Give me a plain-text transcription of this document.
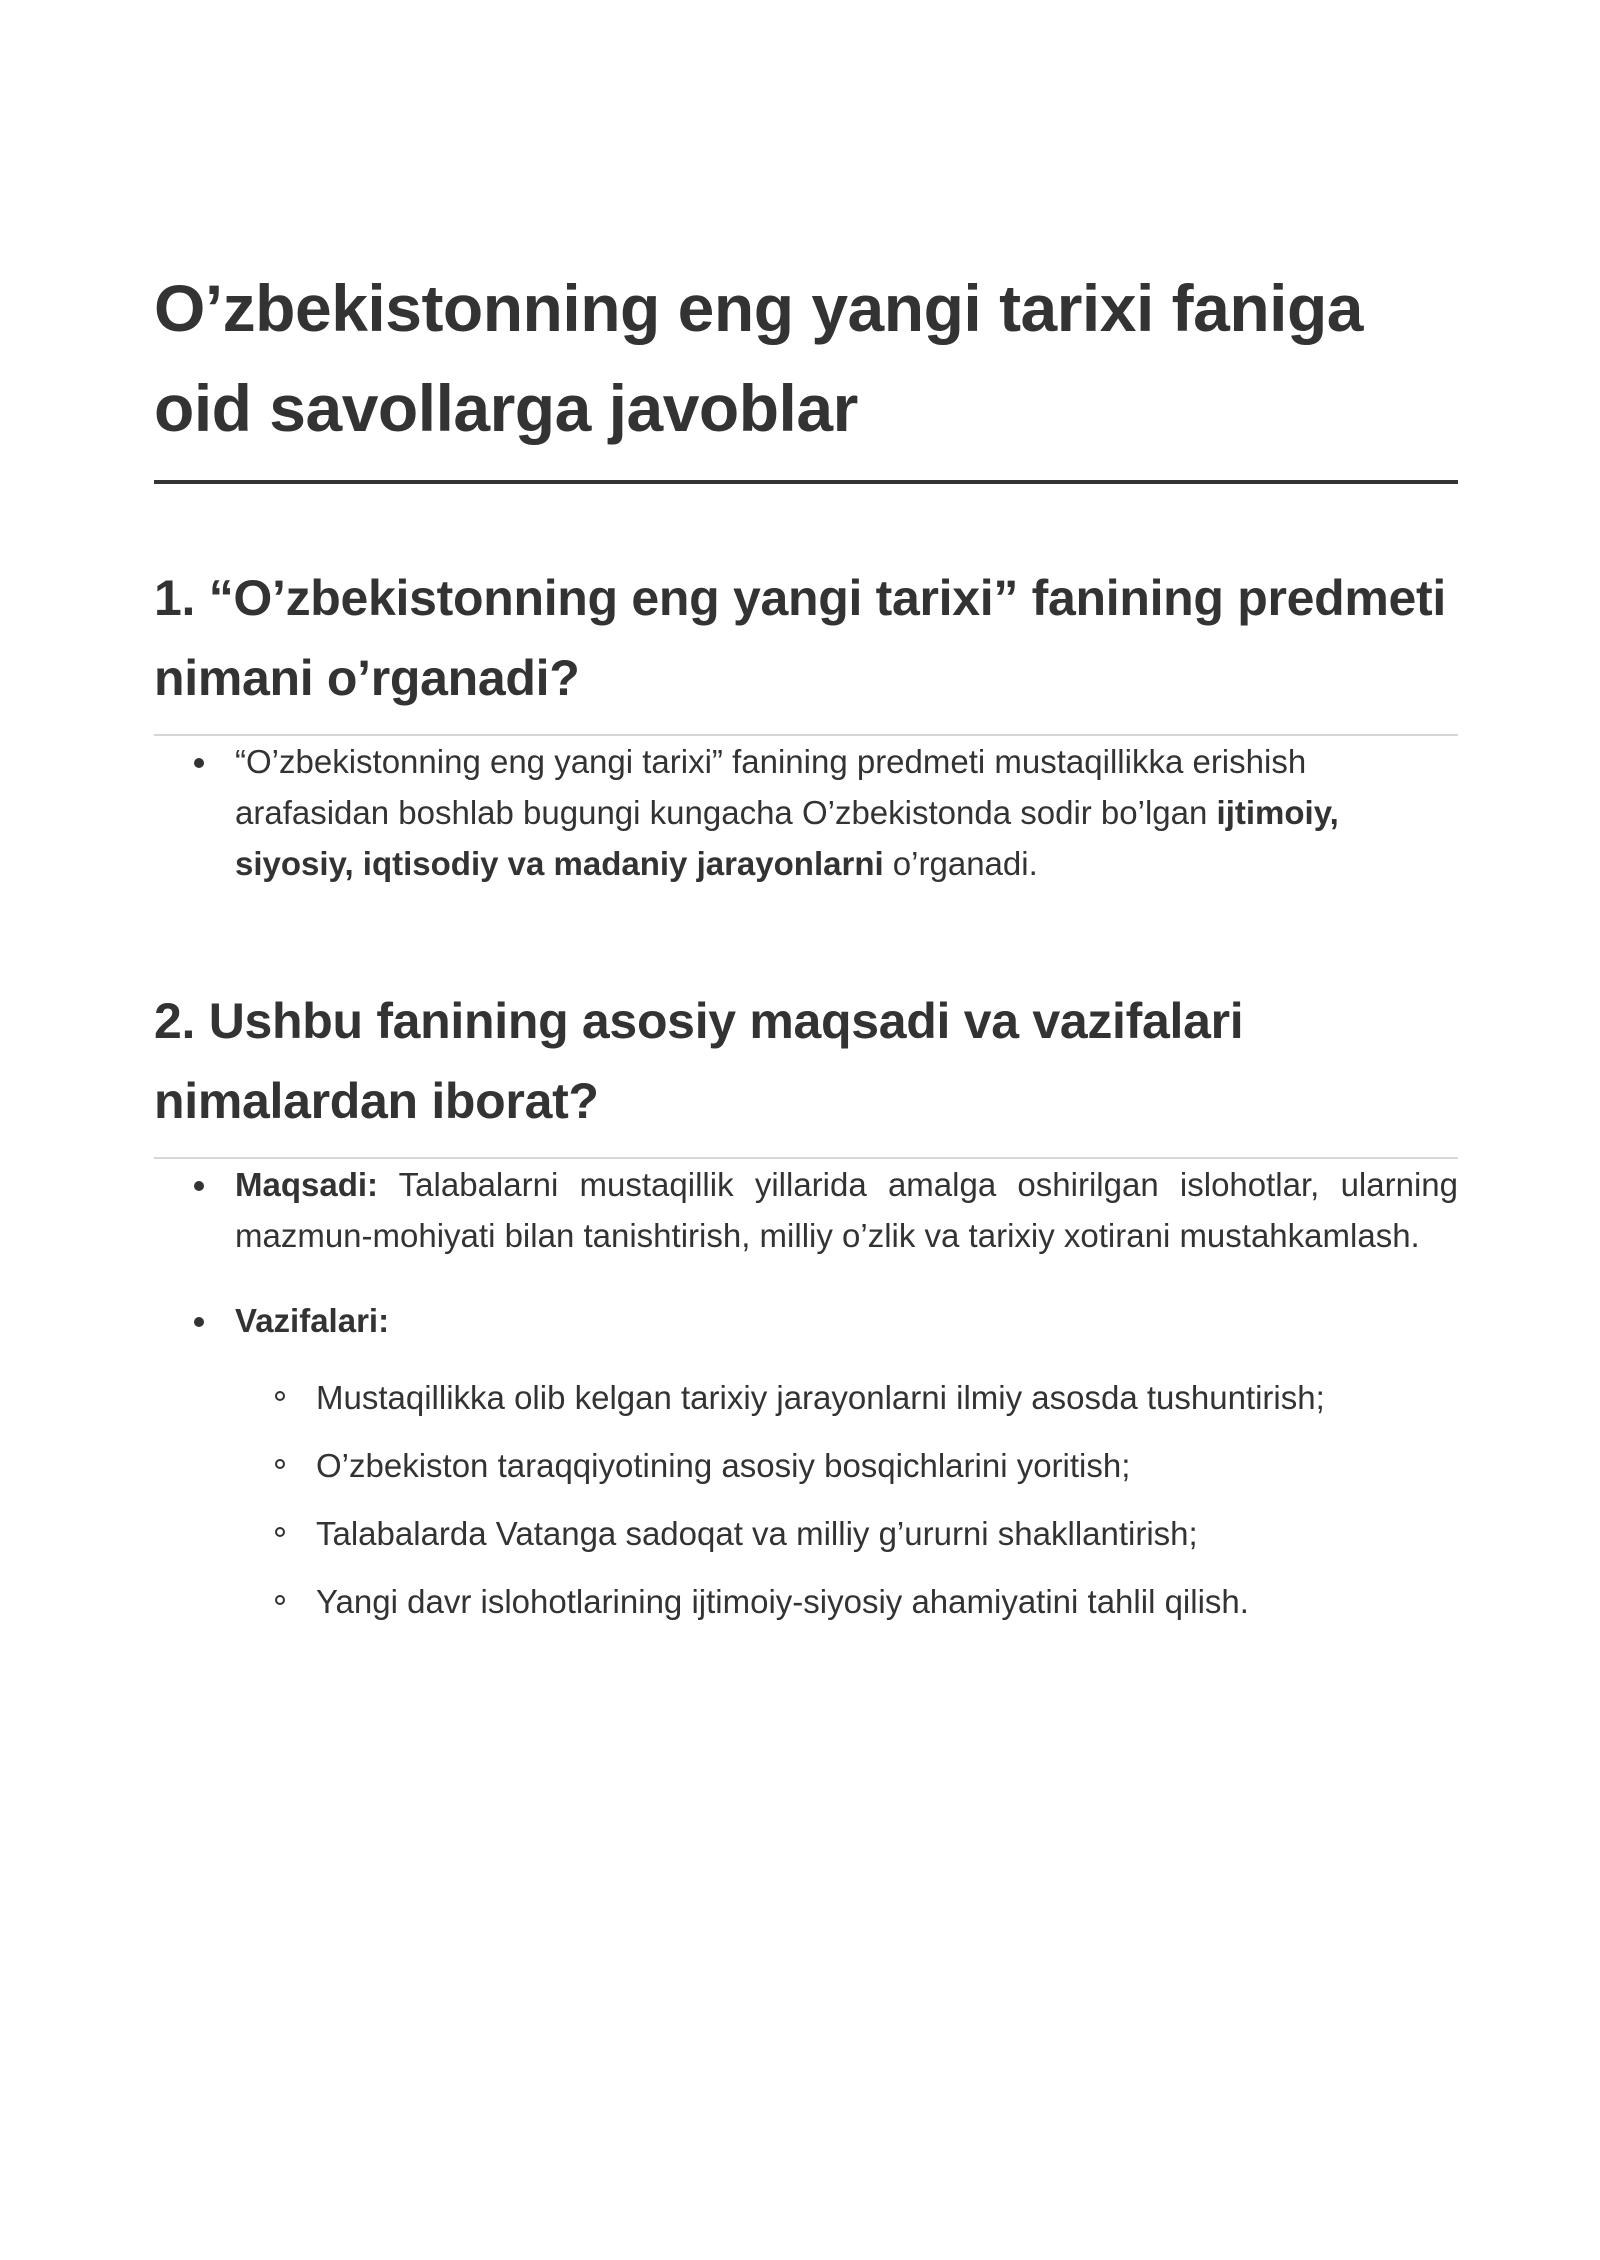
O’zbekistonning eng yangi tarixi faniga oid savollarga javoblar
1. “O’zbekistonning eng yangi tarixi” fanining predmeti nimani o’rganadi?
“O’zbekistonning eng yangi tarixi” fanining predmeti mustaqillikka erishish arafasidan boshlab bugungi kungacha O’zbekistonda sodir bo’lgan ijtimoiy, siyosiy, iqtisodiy va madaniy jarayonlarni o’rganadi.
2. Ushbu fanining asosiy maqsadi va vazifalari nimalardan iborat?
Maqsadi: Talabalarni mustaqillik yillarida amalga oshirilgan islohotlar, ularning mazmun-mohiyati bilan tanishtirish, milliy o’zlik va tarixiy xotirani mustahkamlash.
Vazifalari:
Mustaqillikka olib kelgan tarixiy jarayonlarni ilmiy asosda tushuntirish;
O’zbekiston taraqqiyotining asosiy bosqichlarini yoritish;
Talabalarda Vatanga sadoqat va milliy g’ururni shakllantirish;
Yangi davr islohotlarining ijtimoiy-siyosiy ahamiyatini tahlil qilish.
